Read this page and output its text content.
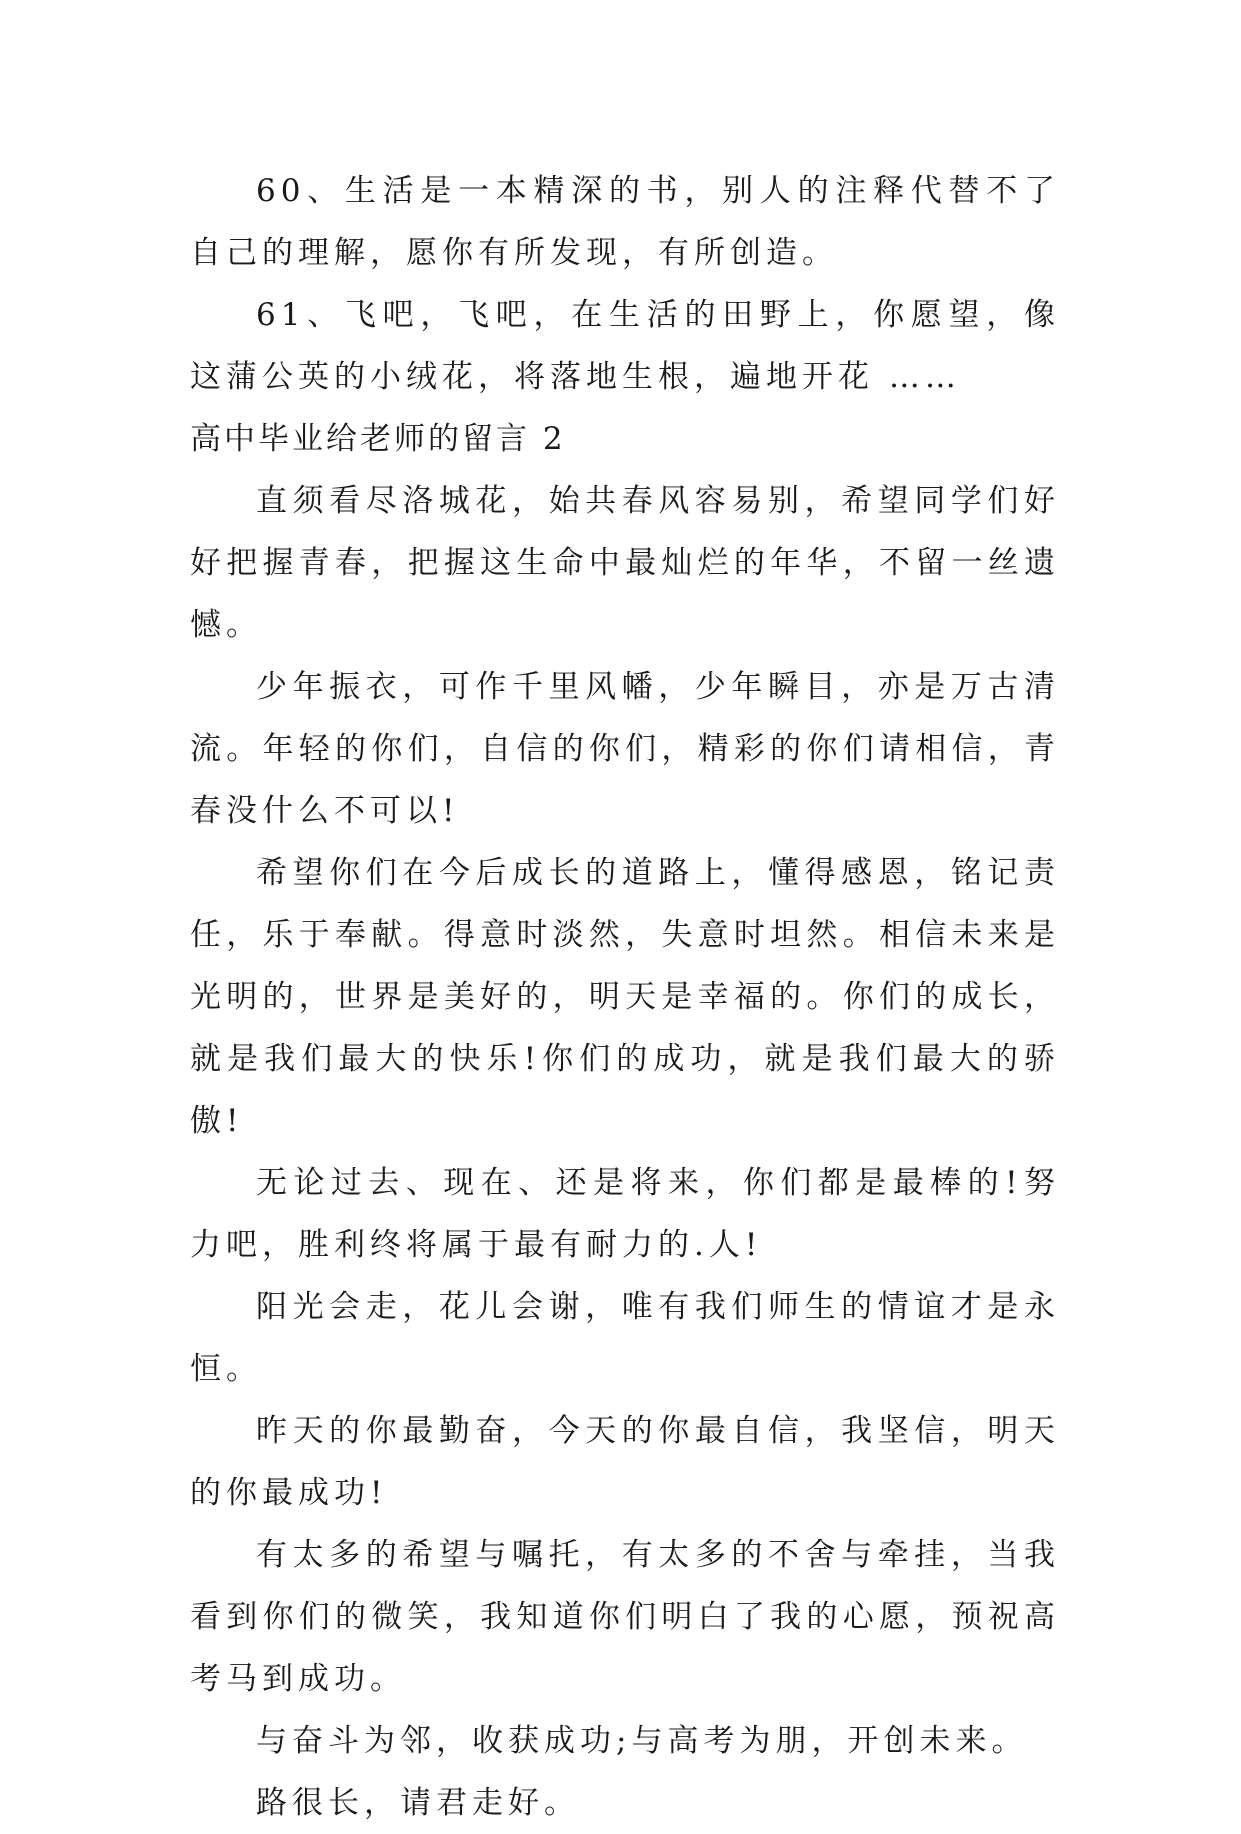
60、生活是一本精深的书，别人的注释代替不了自己的理解，愿你有所发现，有所创造。

61、飞吧，飞吧，在生活的田野上，你愿望，像这蒲公英的小绒花，将落地生根，遍地开花 ……

高中毕业给老师的留言 2

直须看尽洛城花，始共春风容易别，希望同学们好好把握青春，把握这生命中最灿烂的年华，不留一丝遗憾。

少年振衣，可作千里风幡，少年瞬目，亦是万古清流。年轻的你们，自信的你们，精彩的你们请相信，青春没什么不可以!

希望你们在今后成长的道路上，懂得感恩，铭记责任，乐于奉献。得意时淡然，失意时坦然。相信未来是光明的，世界是美好的，明天是幸福的。你们的成长，就是我们最大的快乐!你们的成功，就是我们最大的骄傲!

无论过去、现在、还是将来，你们都是最棒的!努力吧，胜利终将属于最有耐力的.人!

阳光会走，花儿会谢，唯有我们师生的情谊才是永恒。

昨天的你最勤奋，今天的你最自信，我坚信，明天的你最成功!

有太多的希望与嘱托，有太多的不舍与牵挂，当我看到你们的微笑，我知道你们明白了我的心愿，预祝高考马到成功。

与奋斗为邻，收获成功;与高考为朋，开创未来。

路很长，请君走好。
